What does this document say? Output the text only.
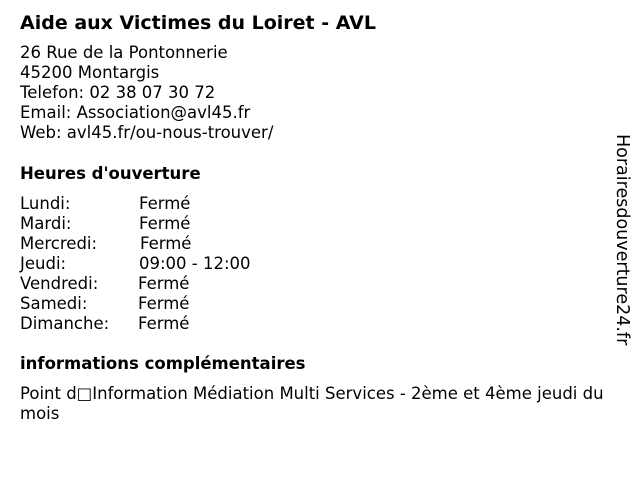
Aide aux Victimes du Loiret - AVL
26 Rue de la Pontonnerie
45200 Montargis
Telefon: 02 38 07 30 72
Email: Association@avl45.fr
Web: avl45.fr/ou-nous-trouver/
Heures d'ouverture
Lundi:	Fermé
Mardi:	Fermé
Mercredi:	Fermé
Jeudi:	09:00 - 12:00
Vendredi: Fermé
Samedi:	Fermé
Dimanche: Fermé
informations complémentaires
Point d□Information Médiation Multi Services - 2ème et 4ème jeudi du mois
Horairesdouverture24.fr
